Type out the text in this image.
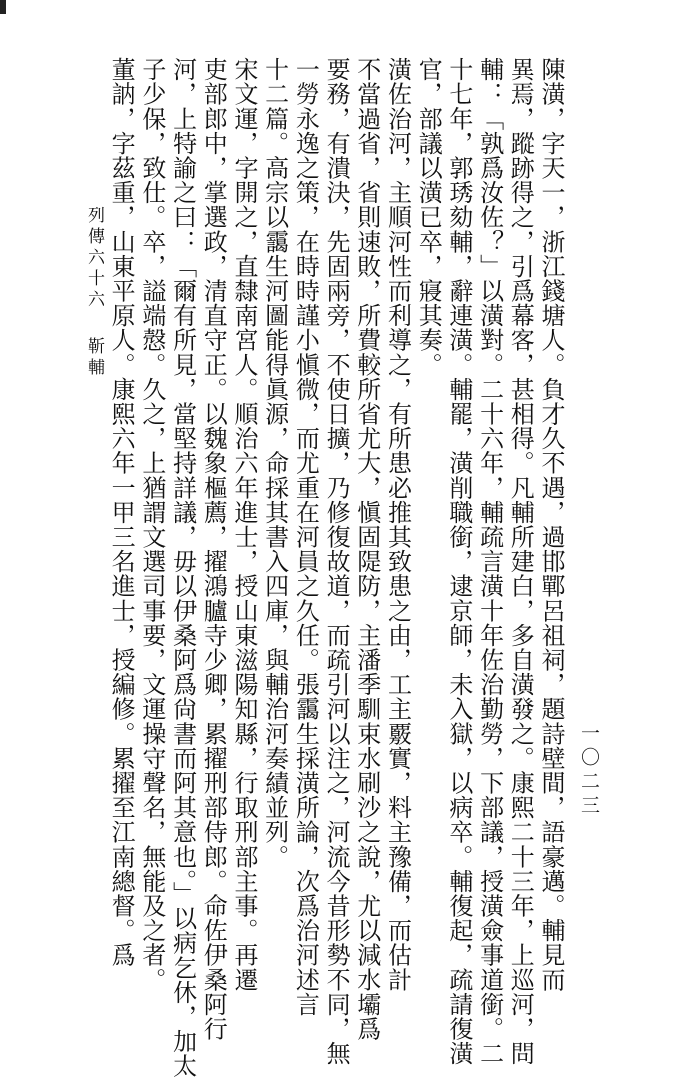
陳潢，字天一，浙江錢塘人。負才久不遇，過邯鄲呂祖祠，題詩壁間，語豪邁。輔見而
異焉，蹤跡得之，引爲幕客，甚相得。凡輔所建白，多自潢發之。康熙二十三年，上巡河，問
輔：「孰爲汝佐？」以潢對。二十六年，輔疏言潢十年佐治勤勞，下部議，授潢僉事道銜。二
十七年，郭琇劾輔，辭連潢。輔罷，潢削職銜，逮京師，未入獄，以病卒。輔復起，疏請復潢
官，部議以潢已卒，寢其奏。
潢佐治河，主順河性而利導之，有所患必推其致患之由，工主覈實，料主豫備，而估計
不當過省，省則速敗，所費較所省尤大，愼固隄防，主潘季馴束水刷沙之說，尤以減水壩爲
要務，有潰決，先固兩旁，不使日擴，乃修復故道，而疏引河以注之，河流今昔形勢不同，無
一勞永逸之策，在時時謹小愼微，而尤重在河員之久任。張靄生採潢所論，次爲治河述言
十二篇。高宗以靄生河圖能得眞源，命採其書入四庫，與輔治河奏績並列。
宋文運，字開之，直隸南宮人。順治六年進士，授山東滋陽知縣，行取刑部主事。再遷
吏部郎中，掌選政，清直守正。以魏象樞薦，擢鴻臚寺少卿，累擢刑部侍郎。命佐伊桑阿行
河，上特諭之曰：「爾有所見，當堅持詳議，毋以伊桑阿爲尙書而阿其意也。」以病乞休，加太
子少保，致仕。卒，謚端慤。久之，上猶謂文選司事要，文運操守聲名，無能及之者。
董訥，字茲重，山東平原人。康熙六年一甲三名進士，授編修。累擢至江南總督。爲
列傳六十六靳輔
一〇二三
